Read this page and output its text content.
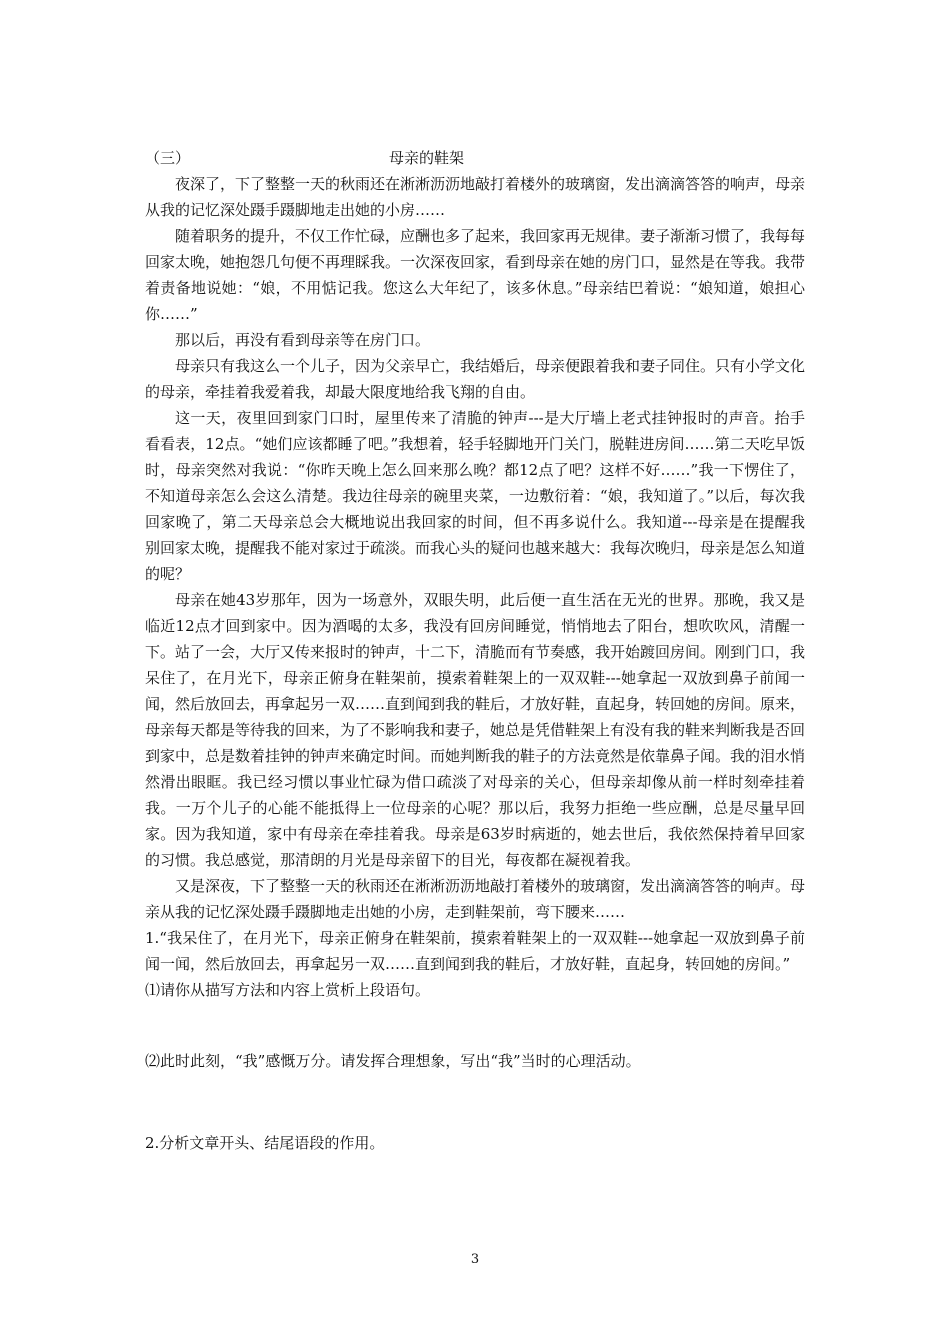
（三）	母亲的鞋架

夜深了，下了整整一天的秋雨还在淅淅沥沥地敲打着楼外的玻璃窗，发出滴滴答答的响声，母亲从我的记忆深处蹑手蹑脚地走出她的小房……

随着职务的提升，不仅工作忙碌，应酬也多了起来，我回家再无规律。妻子渐渐习惯了，我每每回家太晚，她抱怨几句便不再理睬我。一次深夜回家，看到母亲在她的房门口，显然是在等我。我带着责备地说她：“娘，不用惦记我。您这么大年纪了，该多休息。”母亲结巴着说：“娘知道，娘担心你……”

那以后，再没有看到母亲等在房门口。

母亲只有我这么一个儿子，因为父亲早亡，我结婚后，母亲便跟着我和妻子同住。只有小学文化的母亲，牵挂着我爱着我，却最大限度地给我飞翔的自由。

这一天，夜里回到家门口时，屋里传来了清脆的钟声---是大厅墙上老式挂钟报时的声音。抬手看看表，12点。“她们应该都睡了吧。”我想着，轻手轻脚地开门关门，脱鞋进房间……第二天吃早饭时，母亲突然对我说：“你昨天晚上怎么回来那么晚？都12点了吧？这样不好……”我一下愣住了，不知道母亲怎么会这么清楚。我边往母亲的碗里夹菜，一边敷衍着：“娘，我知道了。”以后，每次我回家晚了，第二天母亲总会大概地说出我回家的时间，但不再多说什么。我知道---母亲是在提醒我别回家太晚，提醒我不能对家过于疏淡。而我心头的疑问也越来越大：我每次晚归，母亲是怎么知道的呢？

母亲在她43岁那年，因为一场意外，双眼失明，此后便一直生活在无光的世界。那晚，我又是临近12点才回到家中。因为酒喝的太多，我没有回房间睡觉，悄悄地去了阳台，想吹吹风，清醒一下。站了一会，大厅又传来报时的钟声，十二下，清脆而有节奏感，我开始踱回房间。刚到门口，我呆住了，在月光下，母亲正俯身在鞋架前，摸索着鞋架上的一双双鞋---她拿起一双放到鼻子前闻一闻，然后放回去，再拿起另一双……直到闻到我的鞋后，才放好鞋，直起身，转回她的房间。原来，母亲每天都是等待我的回来，为了不影响我和妻子，她总是凭借鞋架上有没有我的鞋来判断我是否回到家中，总是数着挂钟的钟声来确定时间。而她判断我的鞋子的方法竟然是依靠鼻子闻。我的泪水悄然滑出眼眶。我已经习惯以事业忙碌为借口疏淡了对母亲的关心，但母亲却像从前一样时刻牵挂着我。一万个儿子的心能不能抵得上一位母亲的心呢？那以后，我努力拒绝一些应酬，总是尽量早回家。因为我知道，家中有母亲在牵挂着我。母亲是63岁时病逝的，她去世后，我依然保持着早回家的习惯。我总感觉，那清朗的月光是母亲留下的目光，每夜都在凝视着我。

又是深夜，下了整整一天的秋雨还在淅淅沥沥地敲打着楼外的玻璃窗，发出滴滴答答的响声。母亲从我的记忆深处蹑手蹑脚地走出她的小房，走到鞋架前，弯下腰来……

1.“我呆住了，在月光下，母亲正俯身在鞋架前，摸索着鞋架上的一双双鞋---她拿起一双放到鼻子前闻一闻，然后放回去，再拿起另一双……直到闻到我的鞋后，才放好鞋，直起身，转回她的房间。”

⑴请你从描写方法和内容上赏析上段语句。

⑵此时此刻，“我”感慨万分。请发挥合理想象，写出“我”当时的心理活动。

2.分析文章开头、结尾语段的作用。

3
